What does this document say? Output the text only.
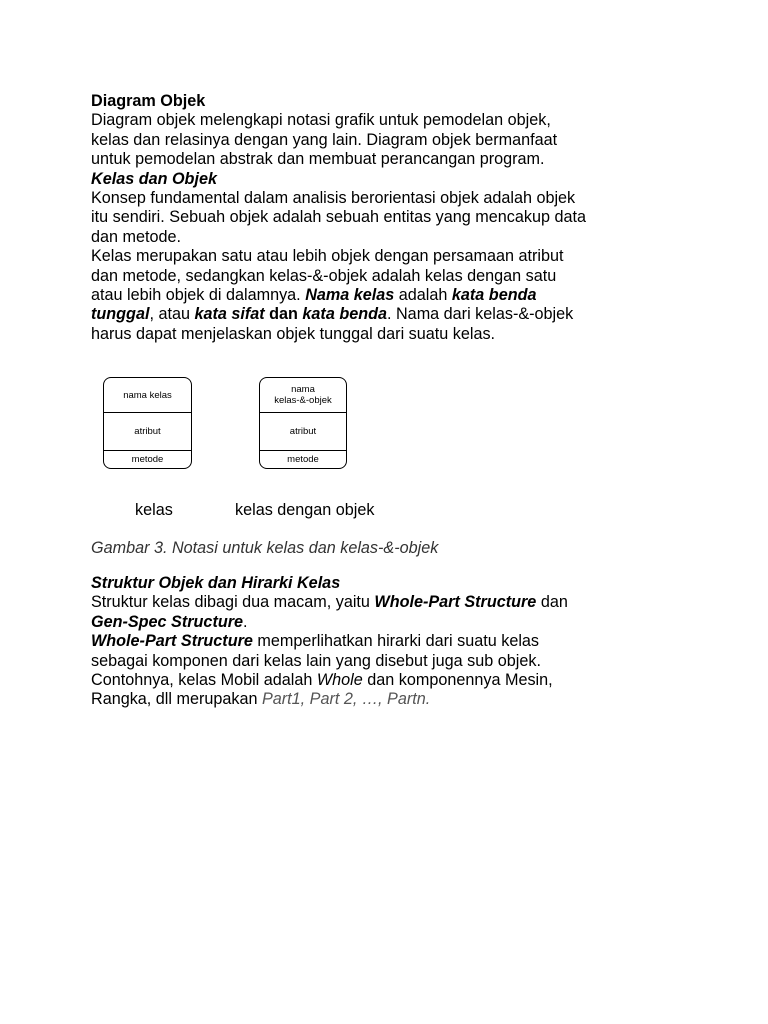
Diagram Objek
Diagram objek melengkapi notasi grafik untuk pemodelan objek,
kelas dan relasinya dengan yang lain. Diagram objek bermanfaat
untuk pemodelan abstrak dan membuat perancangan program.
Kelas dan Objek
Konsep fundamental dalam analisis berorientasi objek adalah objek
itu sendiri. Sebuah objek adalah sebuah entitas yang mencakup data
dan metode.
Kelas merupakan satu atau lebih objek dengan persamaan atribut
dan metode, sedangkan kelas-&-objek adalah kelas dengan satu
atau lebih objek di dalamnya. Nama kelas adalah kata benda
tunggal, atau kata sifat dan kata benda. Nama dari kelas-&-objek
harus dapat menjelaskan objek tunggal dari suatu kelas.
nama kelas
atribut
metode
nama
kelas-&-objek
atribut
metode
kelas	kelas dengan objek
Gambar 3. Notasi untuk kelas dan kelas-&-objek
Struktur Objek dan Hirarki Kelas
Struktur kelas dibagi dua macam, yaitu Whole-Part Structure dan
Gen-Spec Structure.
Whole-Part Structure memperlihatkan hirarki dari suatu kelas
sebagai komponen dari kelas lain yang disebut juga sub objek.
Contohnya, kelas Mobil adalah Whole dan komponennya Mesin,
Rangka, dll merupakan Part1, Part 2, …, Partn.
